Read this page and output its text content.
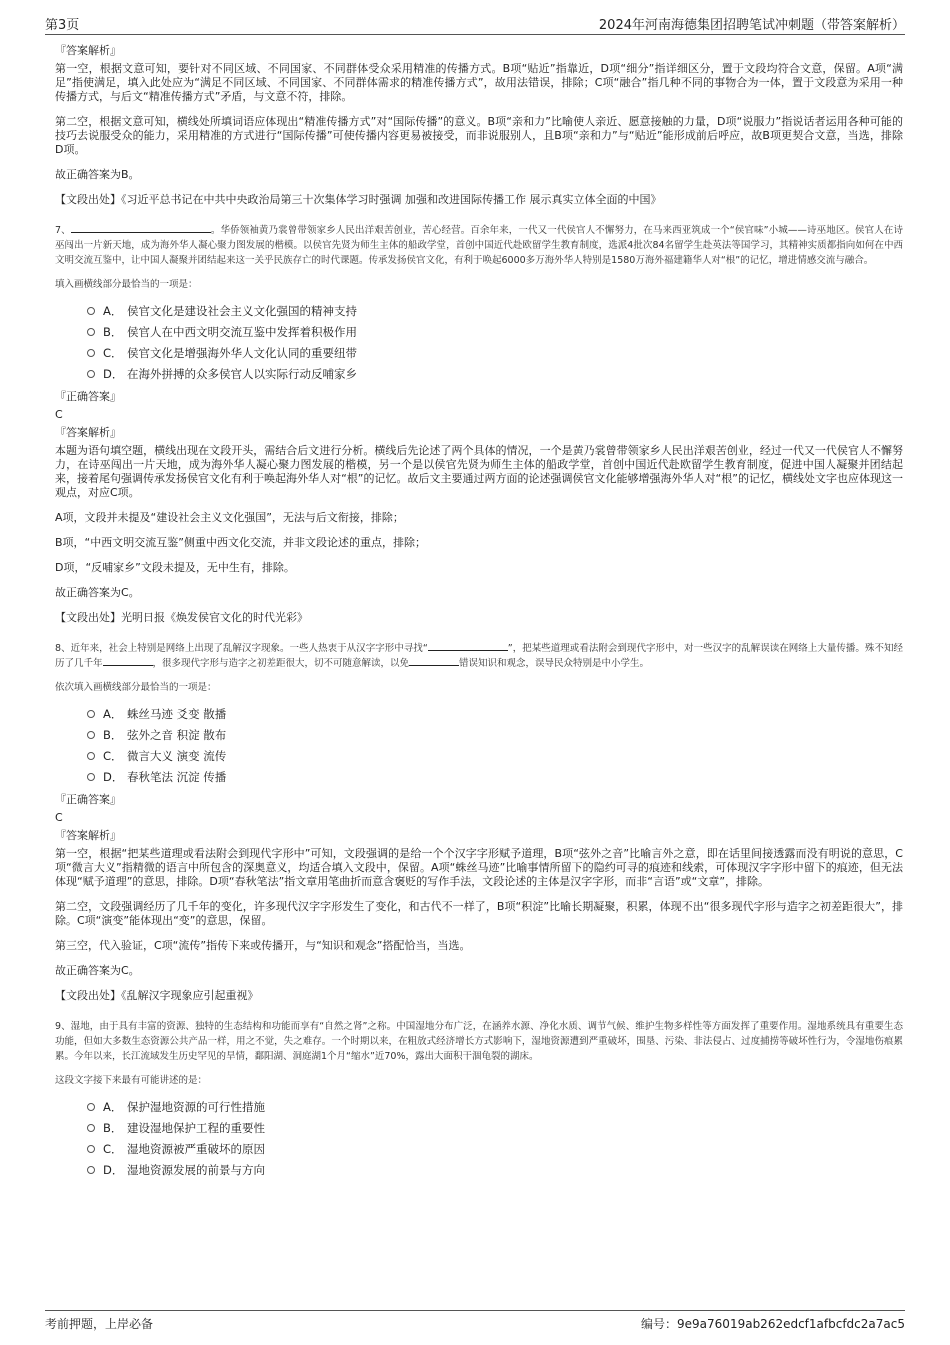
第3页	2024年河南海德集团招聘笔试冲刺题（带答案解析）

『答案解析』

第一空，根据文意可知，要针对不同区域、不同国家、不同群体受众采用精准的传播方式。B项“贴近”指靠近，D项“细分”指详细区分，置于文段均符合文意，保留。A项“满足”指使满足，填入此处应为“满足不同区域、不同国家、不同群体需求的精准传播方式”，故用法错误，排除；C项“融合”指几种不同的事物合为一体，置于文段意为采用一种传播方式，与后文“精准传播方式”矛盾，与文意不符，排除。

第二空，根据文意可知，横线处所填词语应体现出“精准传播方式”对“国际传播”的意义。B项“亲和力”比喻使人亲近、愿意接触的力量，D项“说服力”指说话者运用各种可能的技巧去说服受众的能力，采用精准的方式进行“国际传播”可使传播内容更易被接受，而非说服别人，且B项“亲和力”与“贴近”能形成前后呼应，故B项更契合文意，当选，排除D项。

故正确答案为B。

【文段出处】《习近平总书记在中共中央政治局第三十次集体学习时强调 加强和改进国际传播工作 展示真实立体全面的中国》

7、	。华侨领袖黄乃裳曾带领家乡人民出洋艰苦创业，苦心经营。百余年来，一代又一代侯官人不懈努力，在马来西亚筑成一个“侯官味”小城——诗巫地区。侯官人在诗巫闯出一片新天地，成为海外华人凝心聚力图发展的楷模。以侯官先贤为师生主体的船政学堂，首创中国近代赴欧留学生教育制度，选派4批次84名留学生赴英法等国学习，其精神实质都指向如何在中西文明交流互鉴中，让中国人凝聚并团结起来这一关乎民族存亡的时代课题。传承发扬侯官文化，有利于唤起6000多万海外华人特别是1580万海外福建籍华人对“根”的记忆，增进情感交流与融合。

填入画横线部分最恰当的一项是：

A． 侯官文化是建设社会主义文化强国的精神支持
B． 侯官人在中西文明交流互鉴中发挥着积极作用
C． 侯官文化是增强海外华人文化认同的重要纽带
D． 在海外拼搏的众多侯官人以实际行动反哺家乡

『正确答案』

C

『答案解析』

本题为语句填空题，横线出现在文段开头，需结合后文进行分析。横线后先论述了两个具体的情况，一个是黄乃裳曾带领家乡人民出洋艰苦创业，经过一代又一代侯官人不懈努力，在诗巫闯出一片天地，成为海外华人凝心聚力图发展的楷模，另一个是以侯官先贤为师生主体的船政学堂，首创中国近代赴欧留学生教育制度，促进中国人凝聚并团结起来，接着尾句强调传承发扬侯官文化有利于唤起海外华人对“根”的记忆。故后文主要通过两方面的论述强调侯官文化能够增强海外华人对“根”的记忆，横线处文字也应体现这一观点，对应C项。

A项，文段并未提及“建设社会主义文化强国”，无法与后文衔接，排除；

B项，“中西文明交流互鉴”侧重中西文化交流，并非文段论述的重点，排除；

D项，“反哺家乡”文段未提及，无中生有，排除。

故正确答案为C。

【文段出处】光明日报《焕发侯官文化的时代光彩》

8、近年来，社会上特别是网络上出现了乱解汉字现象。一些人热衷于从汉字字形中寻找“	”，把某些道理或看法附会到现代字形中，对一些汉字的乱解误读在网络上大量传播。殊不知经历了几千年	，很多现代字形与造字之初差距很大，切不可随意解读，以免	错误知识和观念，误导民众特别是中小学生。

依次填入画横线部分最恰当的一项是：

A． 蛛丝马迹 爻变 散播
B． 弦外之音 积淀 散布
C． 微言大义 演变 流传
D． 春秋笔法 沉淀 传播

『正确答案』

C

『答案解析』

第一空，根据“把某些道理或看法附会到现代字形中”可知，文段强调的是给一个个汉字字形赋予道理，B项“弦外之音”比喻言外之意，即在话里间接透露而没有明说的意思，C项“微言大义”指精微的语言中所包含的深奥意义，均适合填入文段中，保留。A项“蛛丝马迹”比喻事情所留下的隐约可寻的痕迹和线索，可体现汉字字形中留下的痕迹，但无法体现“赋予道理”的意思，排除。D项“春秋笔法”指文章用笔曲折而意含褒贬的写作手法，文段论述的主体是汉字字形，而非“言语”或“文章”，排除。

第二空，文段强调经历了几千年的变化，许多现代汉字字形发生了变化，和古代不一样了，B项“积淀”比喻长期凝聚，积累，体现不出“很多现代字形与造字之初差距很大”，排除。C项“演变”能体现出“变”的意思，保留。

第三空，代入验证，C项“流传”指传下来或传播开，与“知识和观念”搭配恰当，当选。

故正确答案为C。

【文段出处】《乱解汉字现象应引起重视》

9、湿地，由于具有丰富的资源、独特的生态结构和功能而享有“自然之肾”之称。中国湿地分布广泛，在涵养水源、净化水质、调节气候、维护生物多样性等方面发挥了重要作用。湿地系统具有重要生态功能，但如大多数生态资源公共产品一样，用之不觉，失之难存。一个时期以来，在粗放式经济增长方式影响下，湿地资源遭到严重破坏，围垦、污染、非法侵占、过度捕捞等破坏性行为，令湿地伤痕累累。今年以来，长江流域发生历史罕见的旱情，鄱阳湖、洞庭湖1个月“缩水”近70%，露出大面积干涸龟裂的湖床。

这段文字接下来最有可能讲述的是：

A． 保护湿地资源的可行性措施
B． 建设湿地保护工程的重要性
C． 湿地资源被严重破坏的原因
D． 湿地资源发展的前景与方向
考前押题，上岸必备	编号：9e9a76019ab262edcf1afbcfdc2a7ac5
